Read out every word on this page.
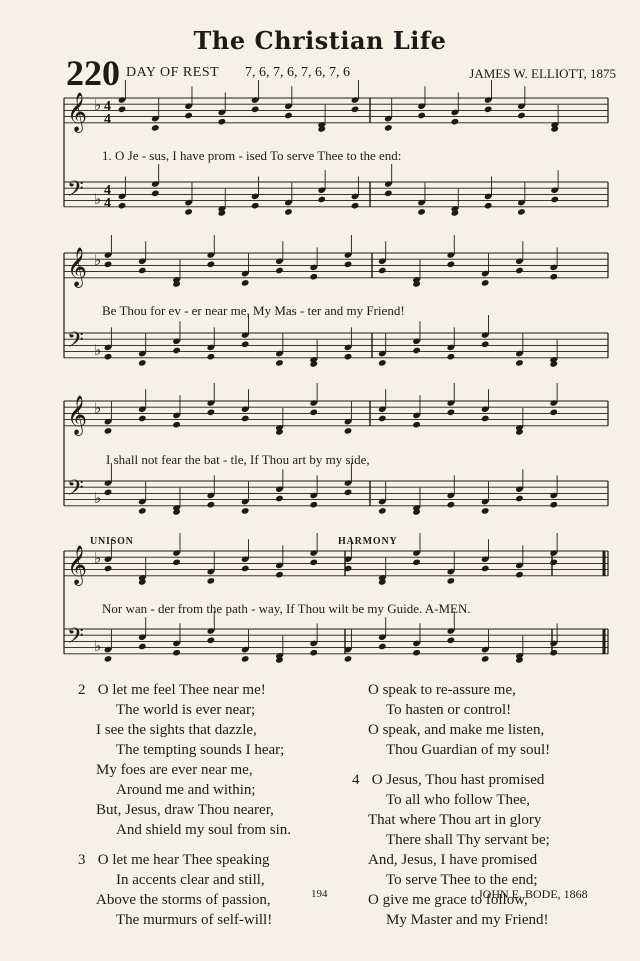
The Christian Life
220 DAY OF REST 7, 6, 7, 6, 7, 6, 7, 6	JAMES W. ELLIOTT, 1875
𝄞 ♭ 4
4
𝄢 ♭ 4
4
𝄞 ♭
𝄢 ♭
𝄞 ♭
𝄢 ♭
𝄞 ♭
𝄢 ♭
1. O Je - sus, I have prom - ised To serve Thee to the end:
Be Thou for ev - er near me, My Mas - ter and my Friend!
I shall not fear the bat - tle, If Thou art by my side,
Nor wan - der from the path - way, If Thou wilt be my Guide. A-MEN.
UNISON	HARMONY
2 O let me feel Thee near me!
The world is ever near;
I see the sights that dazzle,
The tempting sounds I hear;
My foes are ever near me,
Around me and within;
But, Jesus, draw Thou nearer,
And shield my soul from sin.
3 O let me hear Thee speaking
In accents clear and still,
Above the storms of passion,
The murmurs of self-will!
O speak to re-assure me,
To hasten or control!
O speak, and make me listen,
Thou Guardian of my soul!
4 O Jesus, Thou hast promised
To all who follow Thee,
That where Thou art in glory
There shall Thy servant be;
And, Jesus, I have promised
To serve Thee to the end;
O give me grace to follow,
My Master and my Friend!
194	JOHN E. BODE, 1868
